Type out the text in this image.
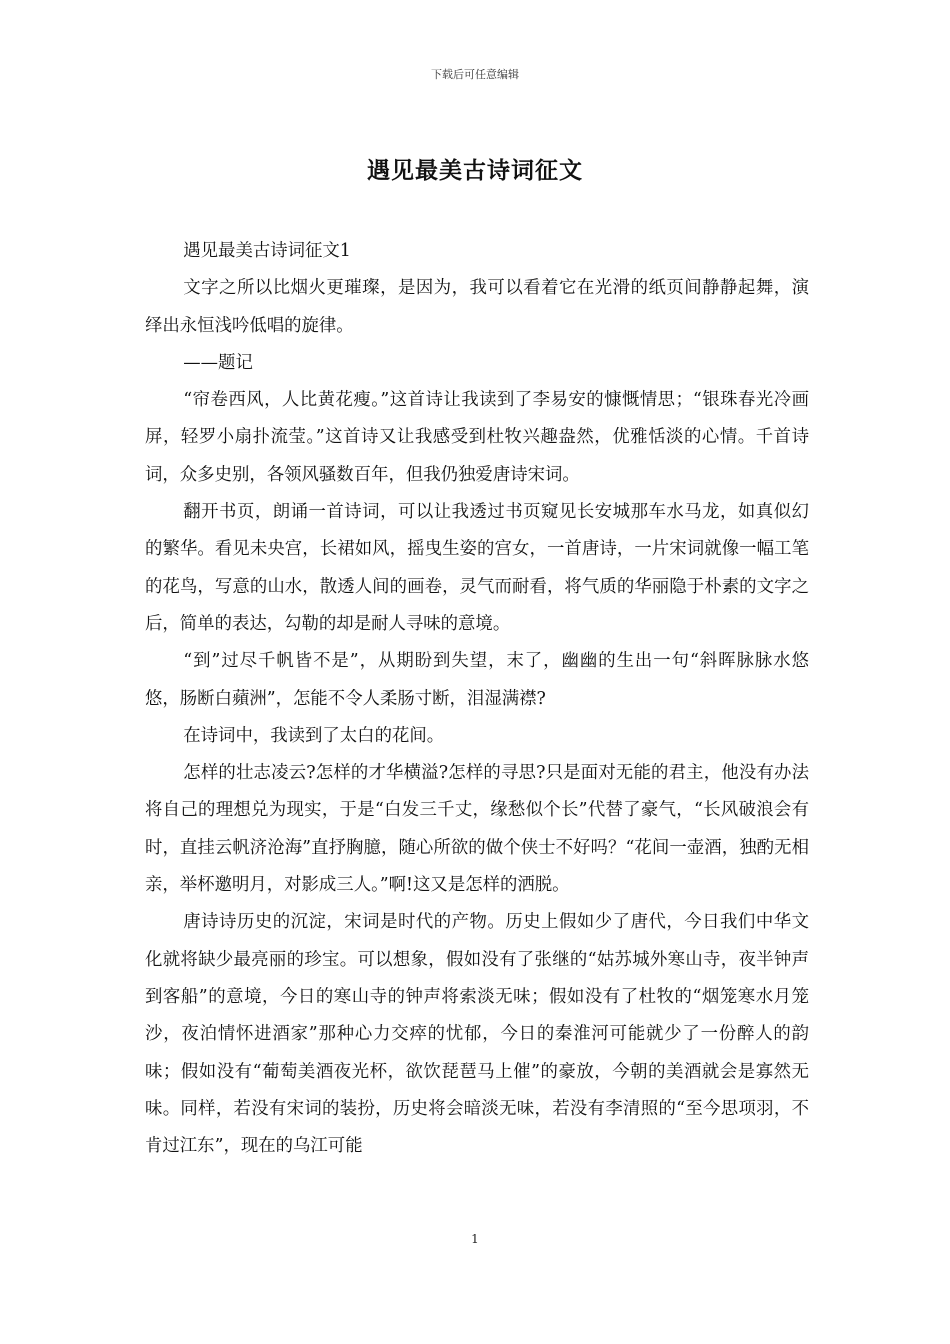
下载后可任意编辑
遇见最美古诗词征文

遇见最美古诗词征文1

文字之所以比烟火更璀璨，是因为，我可以看着它在光滑的纸页间静静起舞，演绎出永恒浅吟低唱的旋律。

——题记

“帘卷西风，人比黄花瘦。”这首诗让我读到了李易安的慷慨情思；“银珠春光冷画屏，轻罗小扇扑流莹。”这首诗又让我感受到杜牧兴趣盎然，优雅恬淡的心情。千首诗词，众多史别，各领风骚数百年，但我仍独爱唐诗宋词。

翻开书页，朗诵一首诗词，可以让我透过书页窥见长安城那车水马龙，如真似幻的繁华。看见未央宫，长裙如风，摇曳生姿的宫女，一首唐诗，一片宋词就像一幅工笔的花鸟，写意的山水，散透人间的画卷，灵气而耐看，将气质的华丽隐于朴素的文字之后，简单的表达，勾勒的却是耐人寻味的意境。

“到”过尽千帆皆不是”，从期盼到失望，末了，幽幽的生出一句“斜晖脉脉水悠悠，肠断白蘋洲”，怎能不令人柔肠寸断，泪湿满襟?

在诗词中，我读到了太白的花间。

怎样的壮志凌云?怎样的才华横溢?怎样的寻思?只是面对无能的君主，他没有办法将自己的理想兑为现实，于是“白发三千丈，缘愁似个长”代替了豪气，“长风破浪会有时，直挂云帆济沧海”直抒胸臆，随心所欲的做个侠士不好吗？“花间一壶酒，独酌无相亲，举杯邀明月，对影成三人。”啊!这又是怎样的洒脱。

唐诗诗历史的沉淀，宋词是时代的产物。历史上假如少了唐代，今日我们中华文化就将缺少最亮丽的珍宝。可以想象，假如没有了张继的“姑苏城外寒山寺，夜半钟声到客船”的意境，今日的寒山寺的钟声将索淡无味；假如没有了杜牧的“烟笼寒水月笼沙，夜泊情怀进酒家”那种心力交瘁的忧郁，今日的秦淮河可能就少了一份醉人的韵味；假如没有“葡萄美酒夜光杯，欲饮琵琶马上催”的豪放，今朝的美酒就会是寡然无味。同样，若没有宋词的装扮，历史将会暗淡无味，若没有李清照的“至今思项羽，不肯过江东”，现在的乌江可能

1
